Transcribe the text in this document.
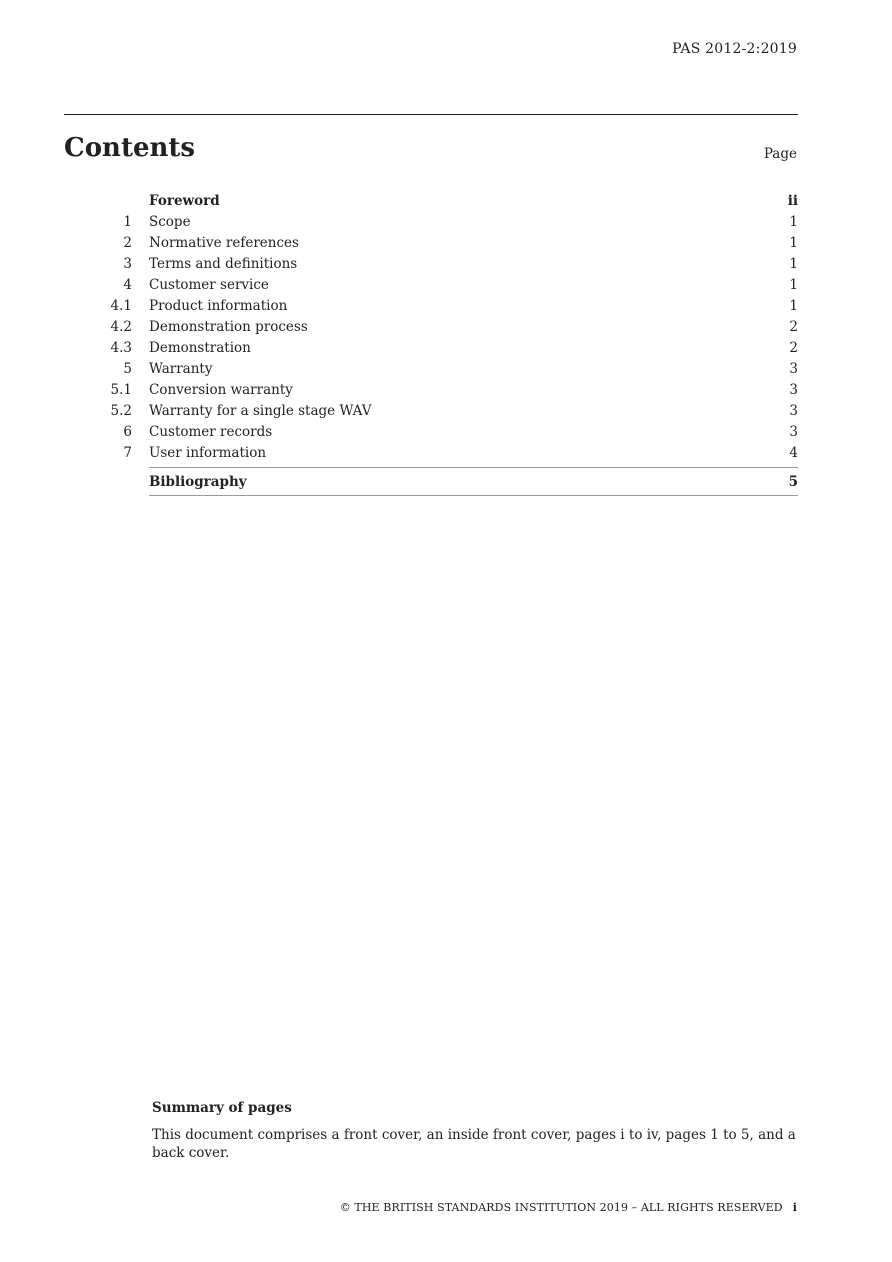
PAS 2012-2:2019
Contents	Page
Foreword	ii
1 Scope	1
2 Normative references	1
3 Terms and definitions	1
4 Customer service	1
4.1 Product information	1
4.2 Demonstration process	2
4.3 Demonstration	2
5 Warranty	3
5.1 Conversion warranty	3
5.2 Warranty for a single stage WAV	3
6 Customer records	3
7 User information	4
Bibliography	5

Summary of pages

This document comprises a front cover, an inside front cover, pages i to iv, pages 1 to 5, and a back cover.

© THE BRITISH STANDARDS INSTITUTION 2019 – ALL RIGHTS RESERVED i
